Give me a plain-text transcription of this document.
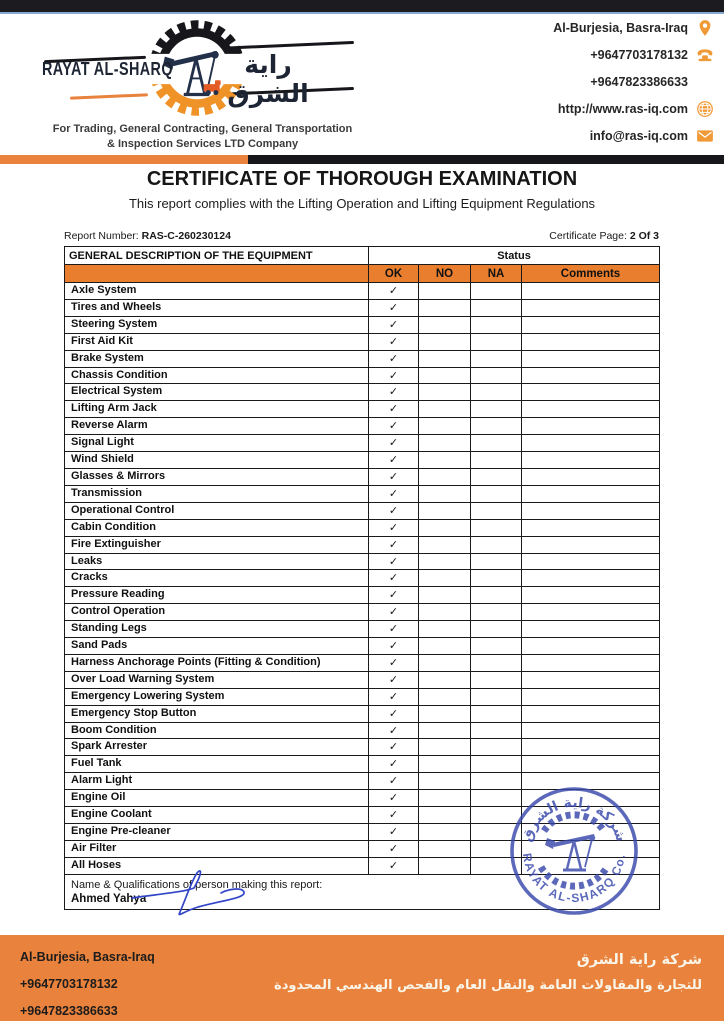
RAYAT AL-SHARQ	راية الشرق
For Trading, General Contracting, General Transportation
& Inspection Services LTD Company
Al-Burjesia, Basra-Iraq
+9647703178132
+9647823386633
http://www.ras-iq.com
info@ras-iq.com
CERTIFICATE OF THOROUGH EXAMINATION
This report complies with the Lifting Operation and Lifting Equipment Regulations
Report Number: RAS-C-260230124	Certificate Page: 2 Of 3
GENERAL DESCRIPTION OF THE EQUIPMENT	Status			
	OK	NO	NA	Comments
Axle System	✓			
Tires and Wheels	✓			
Steering System	✓			
First Aid Kit	✓			
Brake System	✓			
Chassis Condition	✓			
Electrical System	✓			
Lifting Arm Jack	✓			
Reverse Alarm	✓			
Signal Light	✓			
Wind Shield	✓			
Glasses & Mirrors	✓			
Transmission	✓			
Operational Control	✓			
Cabin Condition	✓			
Fire Extinguisher	✓			
Leaks	✓			
Cracks	✓			
Pressure Reading	✓			
Control Operation	✓			
Standing Legs	✓			
Sand Pads	✓			
Harness Anchorage Points (Fitting & Condition)	✓			
Over Load Warning System	✓			
Emergency Lowering System	✓			
Emergency Stop Button	✓			
Boom Condition	✓			
Spark Arrester	✓			
Fuel Tank	✓			
Alarm Light	✓			
Engine Oil	✓			
Engine Coolant	✓			
Engine Pre-cleaner	✓			
Air Filter	✓			
All Hoses	✓			

Name & Qualifications of person making this report:
Ahmed Yahya				
شركة راية الشرق
RAYAT AL-SHARQ Co.
Al-Burjesia, Basra-Iraq
+9647703178132
+9647823386633
شركة راية الشرق
للتجارة والمقاولات العامة والنقل العام والفحص الهندسي المحدودة
